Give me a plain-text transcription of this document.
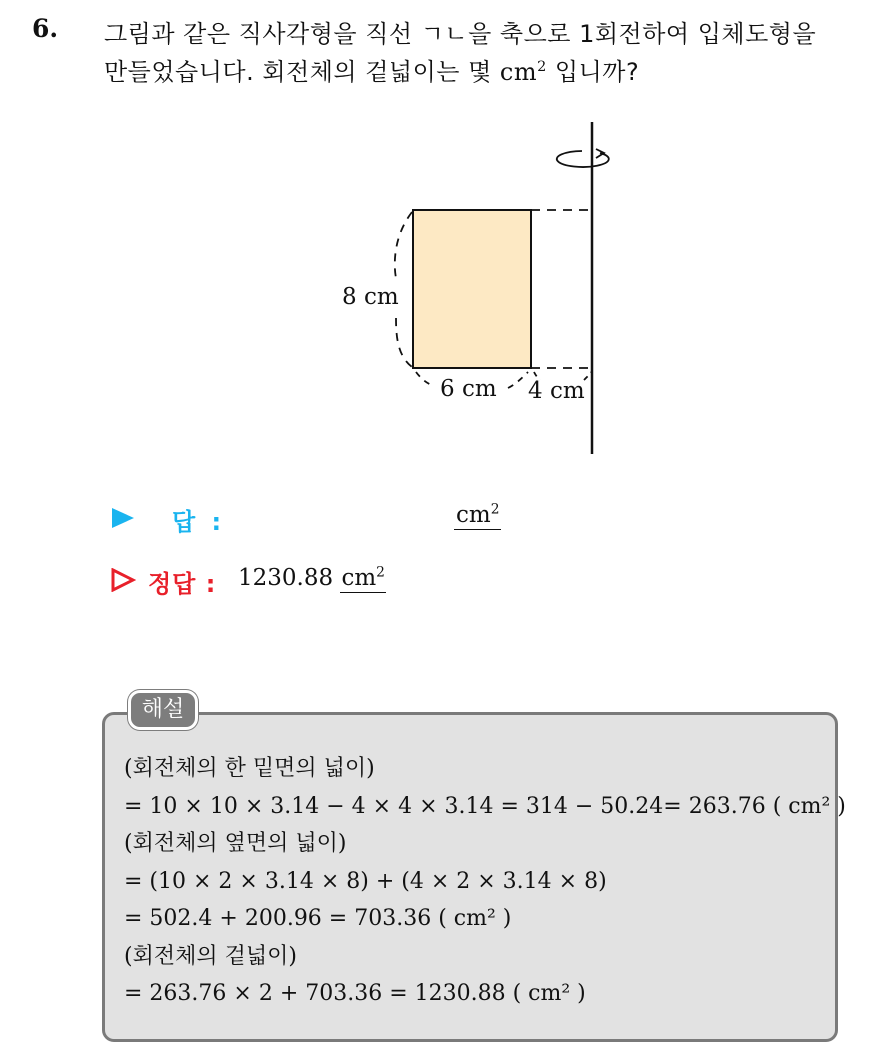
6. 그림과 같은 직사각형을 직선 ㄱㄴ을 축으로 1회전하여 입체도형을
만들었습니다. 회전체의 겉넓이는 몇 $cm^2$ 입니까?
8 cm
6 cm 4 cm
답 :	$cm^2$
정답 : 1230.88 $cm^2$
해설
(회전체의 한 밑면의 넓이)
= 10 × 10 × 3.14 − 4 × 4 × 3.14 = 314 − 50.24= 263.76 ( cm² )
(회전체의 옆면의 넓이)
= (10 × 2 × 3.14 × 8) + (4 × 2 × 3.14 × 8)
= 502.4 + 200.96 = 703.36 ( cm² )
(회전체의 겉넓이)
= 263.76 × 2 + 703.36 = 1230.88 ( cm² )
